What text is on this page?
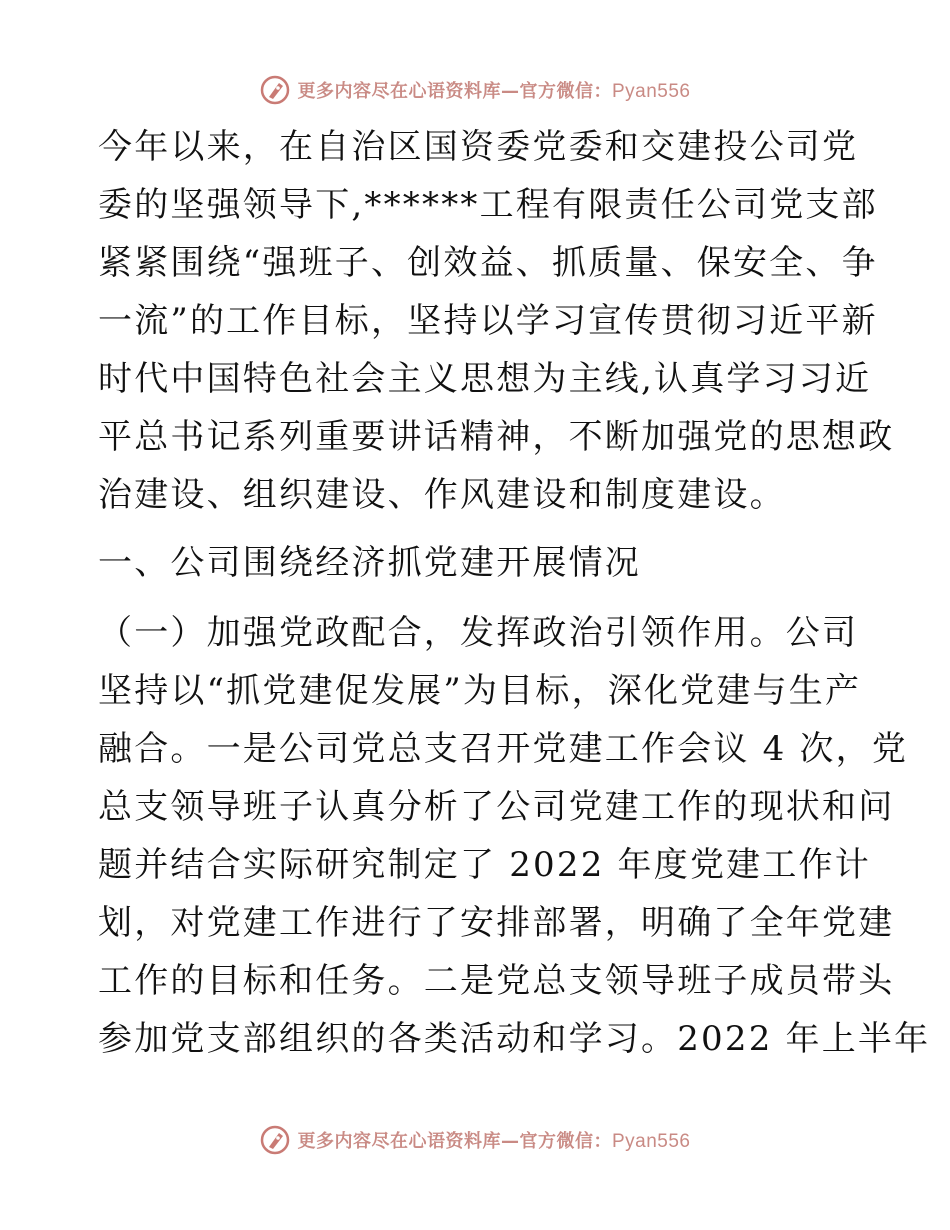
更多内容尽在心语资料库—官方微信：Pyan556
今年以来，在自治区国资委党委和交建投公司党
委的坚强领导下,******工程有限责任公司党支部
紧紧围绕“强班子、创效益、抓质量、保安全、争
一流”的工作目标，坚持以学习宣传贯彻习近平新
时代中国特色社会主义思想为主线,认真学习习近
平总书记系列重要讲话精神，不断加强党的思想政
治建设、组织建设、作风建设和制度建设。
一、公司围绕经济抓党建开展情况
（一）加强党政配合，发挥政治引领作用。公司
坚持以“抓党建促发展”为目标，深化党建与生产
融合。一是公司党总支召开党建工作会议 4 次，党
总支领导班子认真分析了公司党建工作的现状和问
题并结合实际研究制定了 2022 年度党建工作计
划，对党建工作进行了安排部署，明确了全年党建
工作的目标和任务。二是党总支领导班子成员带头
参加党支部组织的各类活动和学习。2022 年上半年
更多内容尽在心语资料库—官方微信：Pyan556
